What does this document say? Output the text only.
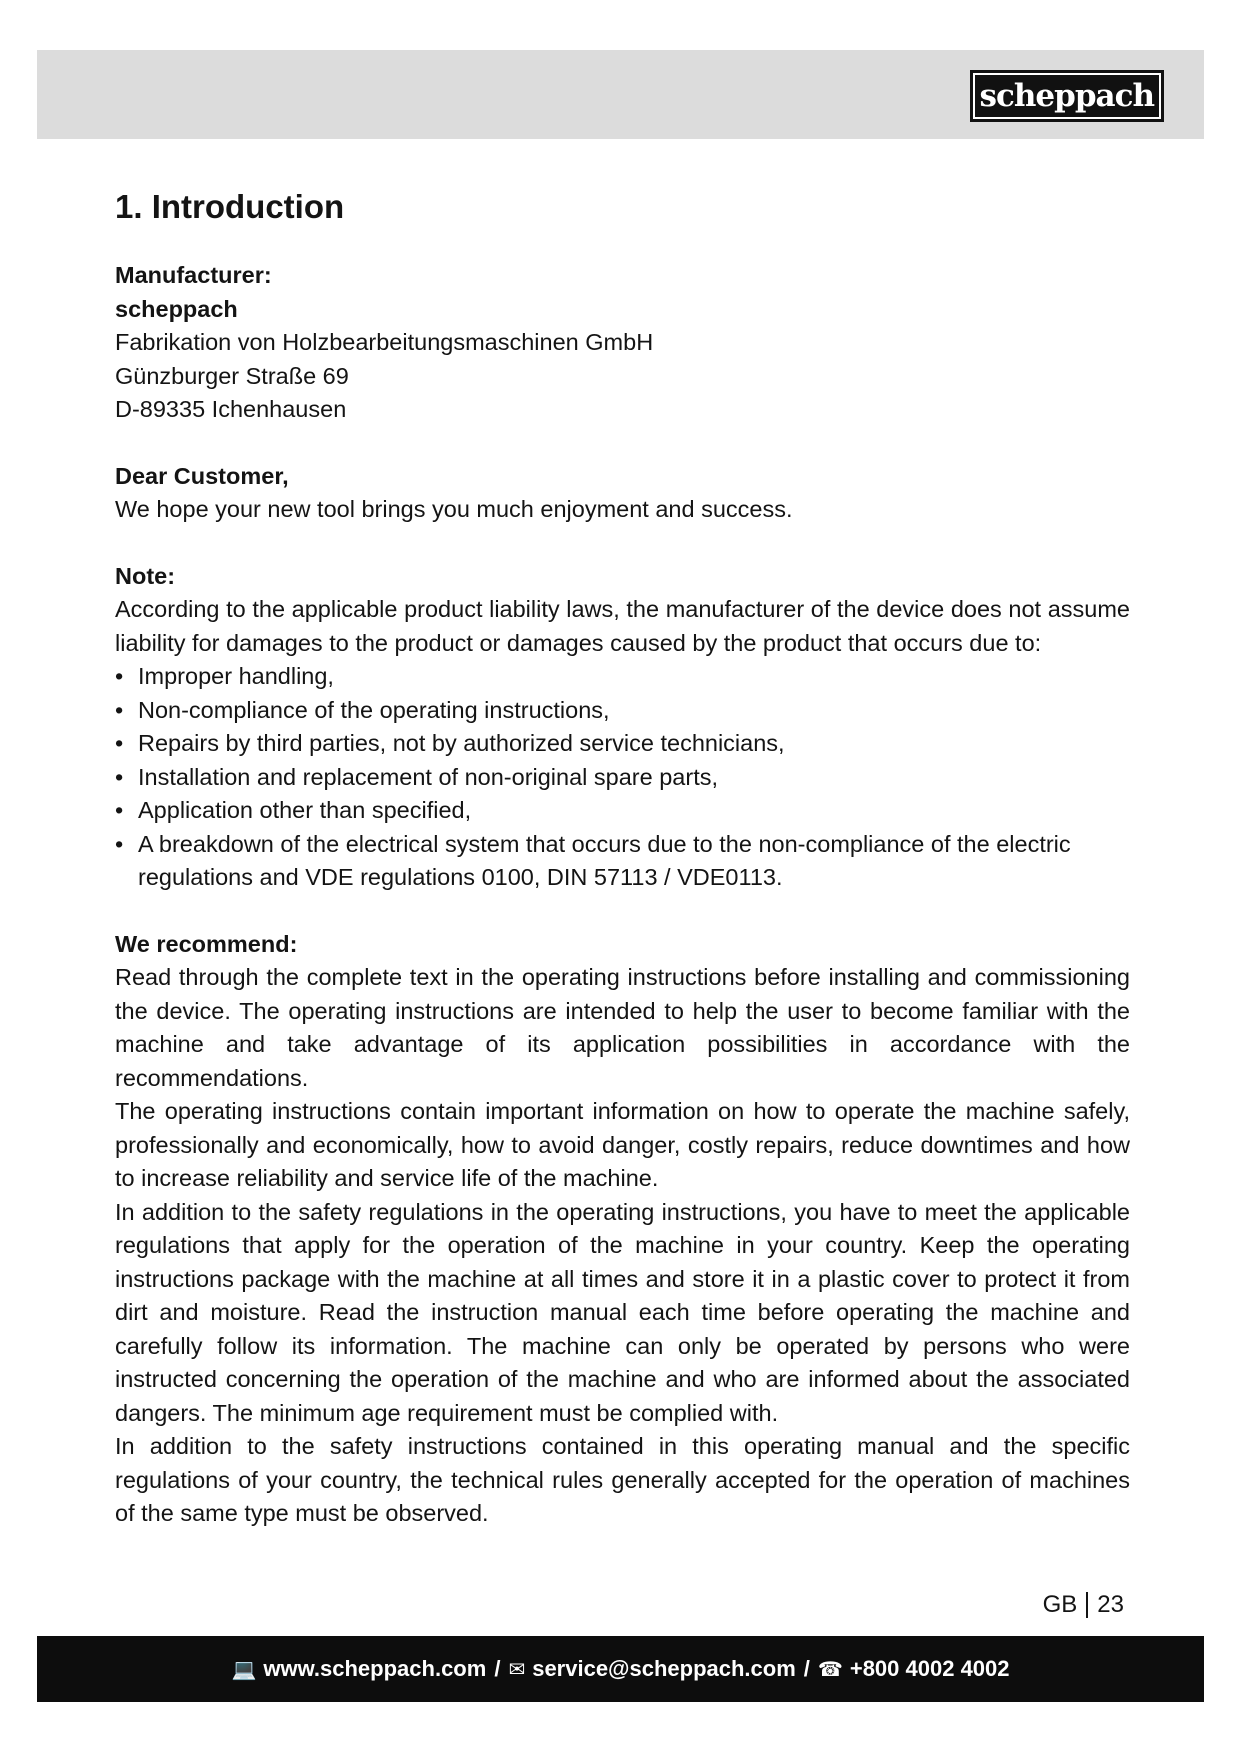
scheppach
1. Introduction

Manufacturer:

scheppach

Fabrikation von Holzbearbeitungsmaschinen GmbH

Günzburger Straße 69

D-89335 Ichenhausen

Dear Customer,

We hope your new tool brings you much enjoyment and success.

Note:

According to the applicable product liability laws, the manufacturer of the device does not assume liability for damages to the product or damages caused by the product that occurs due to:

• Improper handling,
• Non-compliance of the operating instructions,
• Repairs by third parties, not by authorized service technicians,
• Installation and replacement of non-original spare parts,
• Application other than specified,
• A breakdown of the electrical system that occurs due to the non-compliance of the electric regulations and VDE regulations 0100, DIN 57113 / VDE0113.

We recommend:

Read through the complete text in the operating instructions before installing and commissioning the device. The operating instructions are intended to help the user to become familiar with the machine and take advantage of its application possibilities in accordance with the recommendations.

The operating instructions contain important information on how to operate the machine safely, professionally and economically, how to avoid danger, costly repairs, reduce downtimes and how to increase reliability and service life of the machine.

In addition to the safety regulations in the operating instructions, you have to meet the applicable regulations that apply for the operation of the machine in your country. Keep the operating instructions package with the machine at all times and store it in a plastic cover to protect it from dirt and moisture. Read the instruction manual each time before operating the machine and carefully follow its information. The machine can only be operated by persons who were instructed concerning the operation of the machine and who are informed about the associated dangers. The minimum age requirement must be complied with.

In addition to the safety instructions contained in this operating manual and the specific regulations of your country, the technical rules generally accepted for the operation of machines of the same type must be observed.

GB 23
💻 www.scheppach.com / ✉ service@scheppach.com / ☎ +800 4002 4002
